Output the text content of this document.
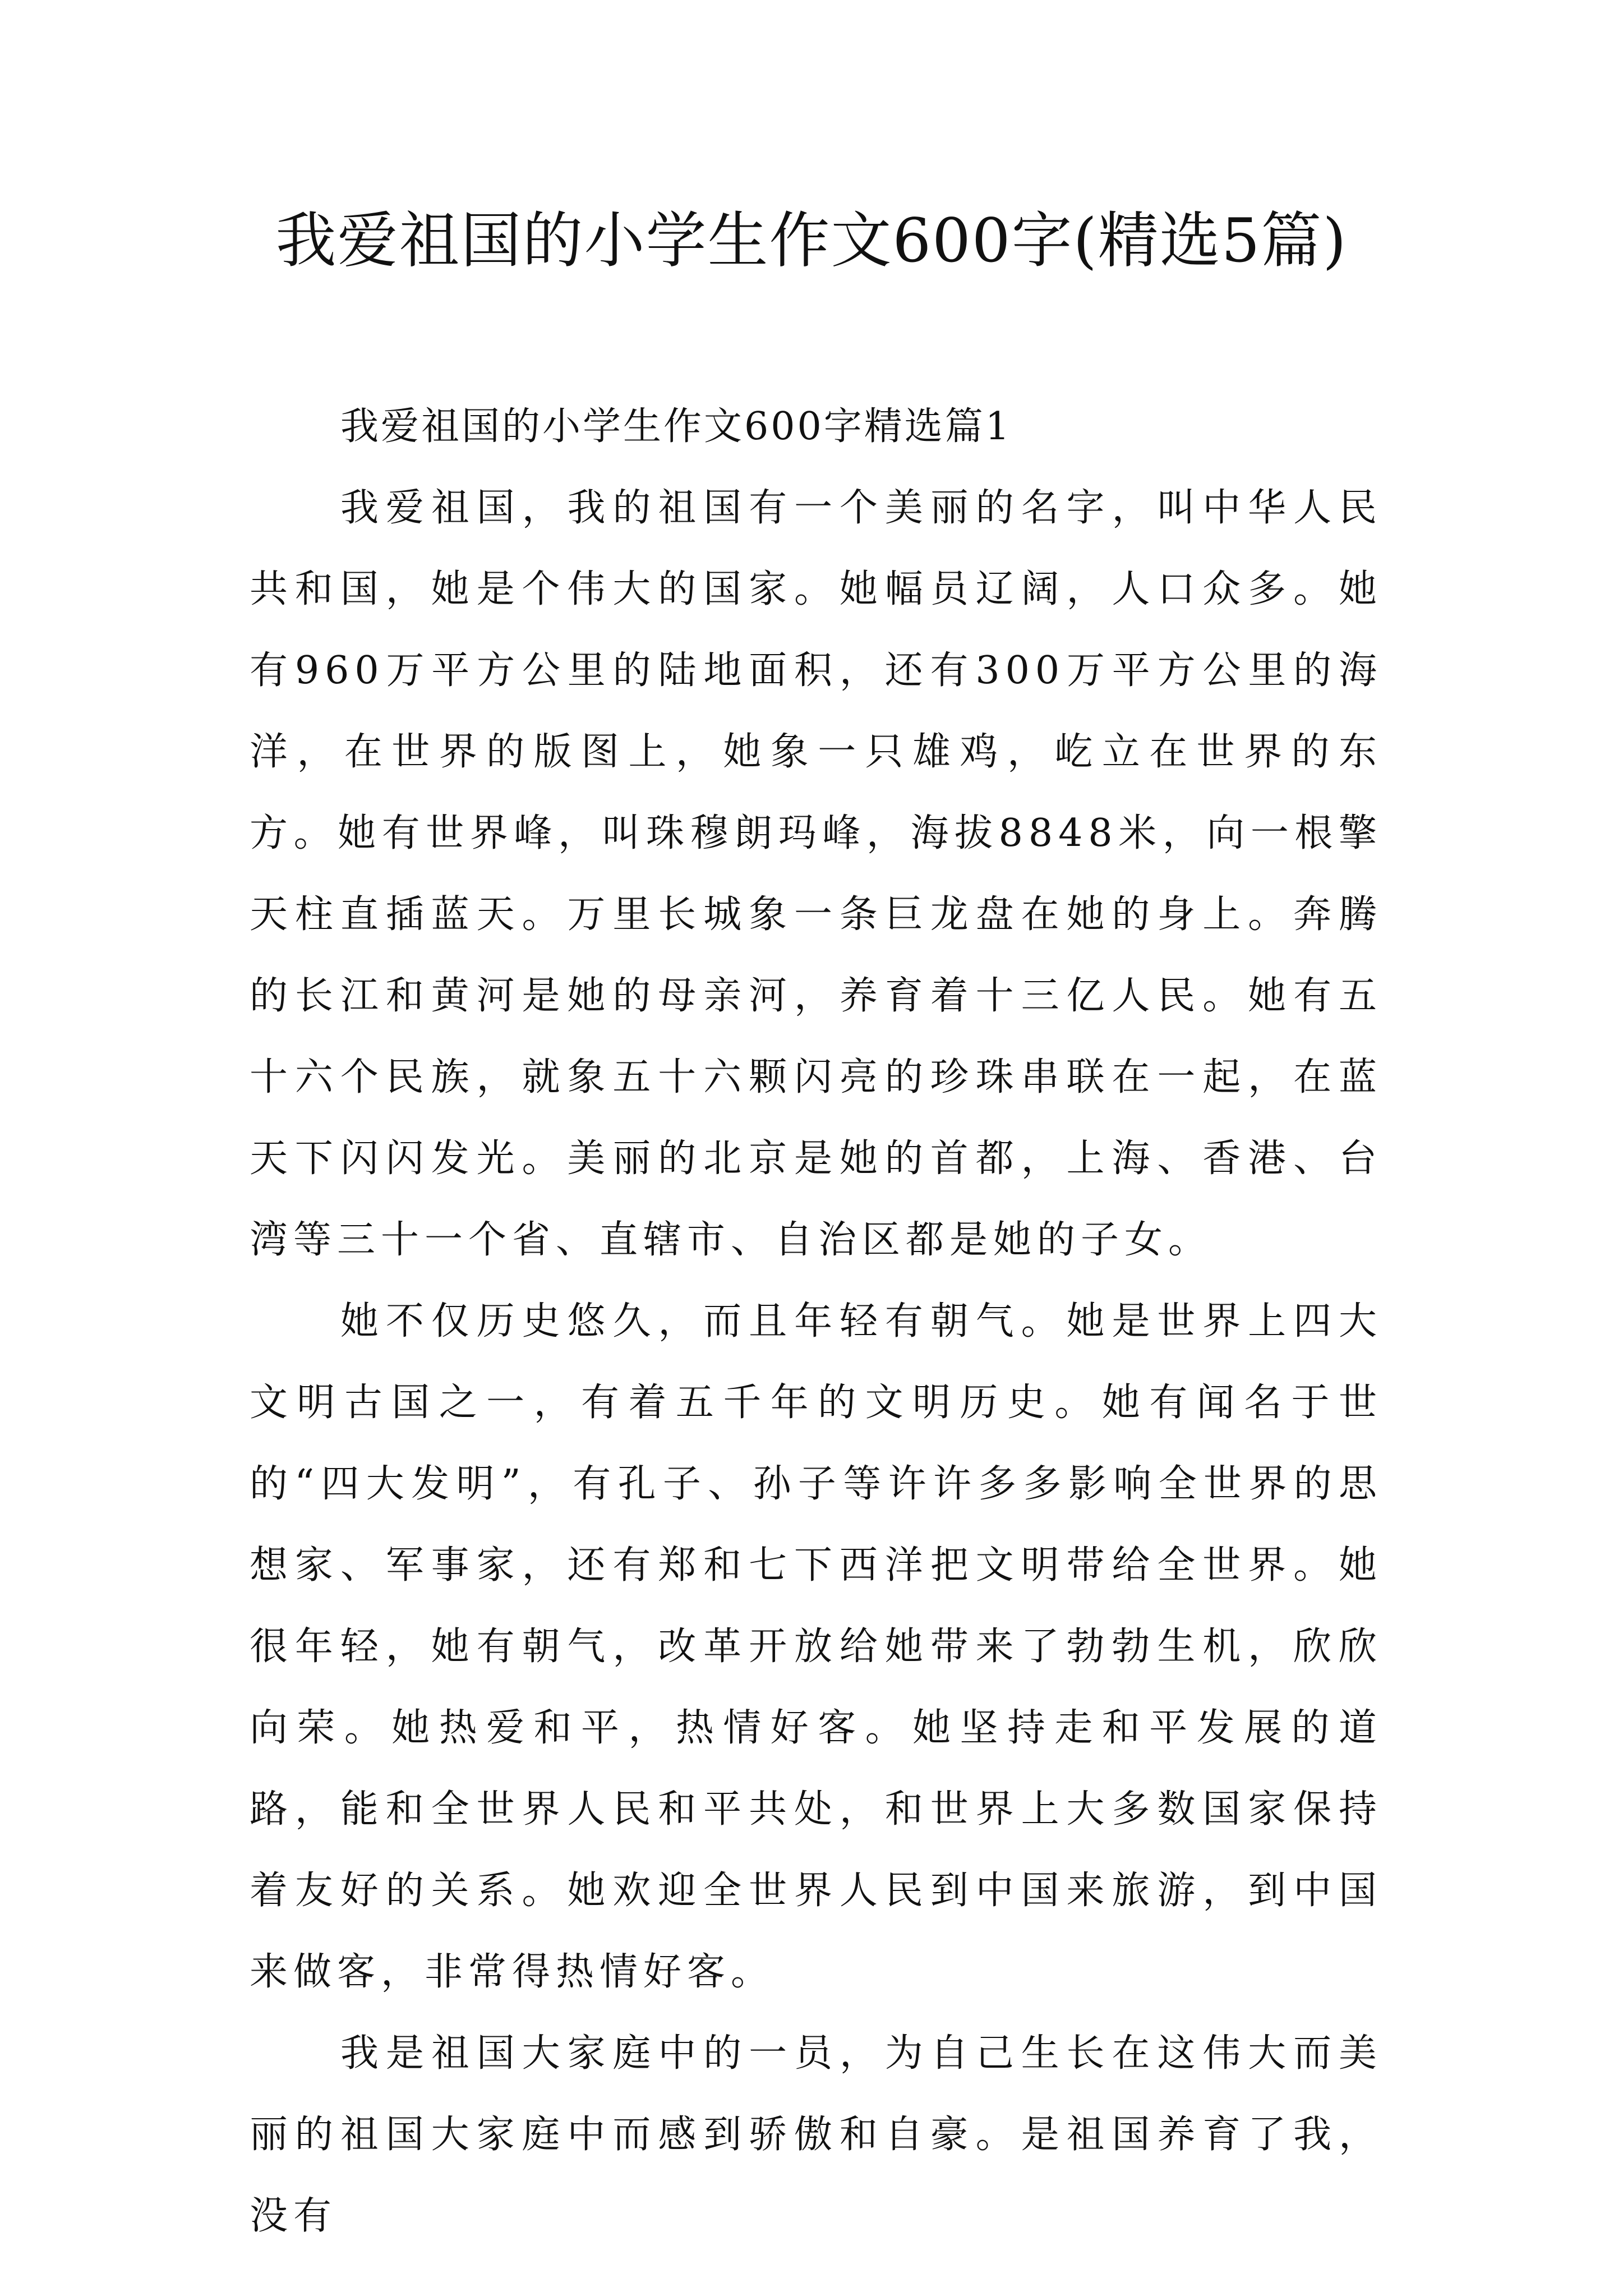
我爱祖国的小学生作文600字(精选5篇)

我爱祖国的小学生作文600字精选篇1

我爱祖国，我的祖国有一个美丽的名字，叫中华人民共和国，她是个伟大的国家。她幅员辽阔，人口众多。她有960万平方公里的陆地面积，还有300万平方公里的海洋，在世界的版图上，她象一只雄鸡，屹立在世界的东方。她有世界峰，叫珠穆朗玛峰，海拔8848米，向一根擎天柱直插蓝天。万里长城象一条巨龙盘在她的身上。奔腾的长江和黄河是她的母亲河，养育着十三亿人民。她有五十六个民族，就象五十六颗闪亮的珍珠串联在一起，在蓝天下闪闪发光。美丽的北京是她的首都，上海、香港、台湾等三十一个省、直辖市、自治区都是她的子女。

她不仅历史悠久，而且年轻有朝气。她是世界上四大文明古国之一，有着五千年的文明历史。她有闻名于世的“四大发明”，有孔子、孙子等许许多多影响全世界的思想家、军事家，还有郑和七下西洋把文明带给全世界。她很年轻，她有朝气，改革开放给她带来了勃勃生机，欣欣向荣。她热爱和平，热情好客。她坚持走和平发展的道路，能和全世界人民和平共处，和世界上大多数国家保持着友好的关系。她欢迎全世界人民到中国来旅游，到中国来做客，非常得热情好客。

我是祖国大家庭中的一员，为自己生长在这伟大而美丽的祖国大家庭中而感到骄傲和自豪。是祖国养育了我，没有
